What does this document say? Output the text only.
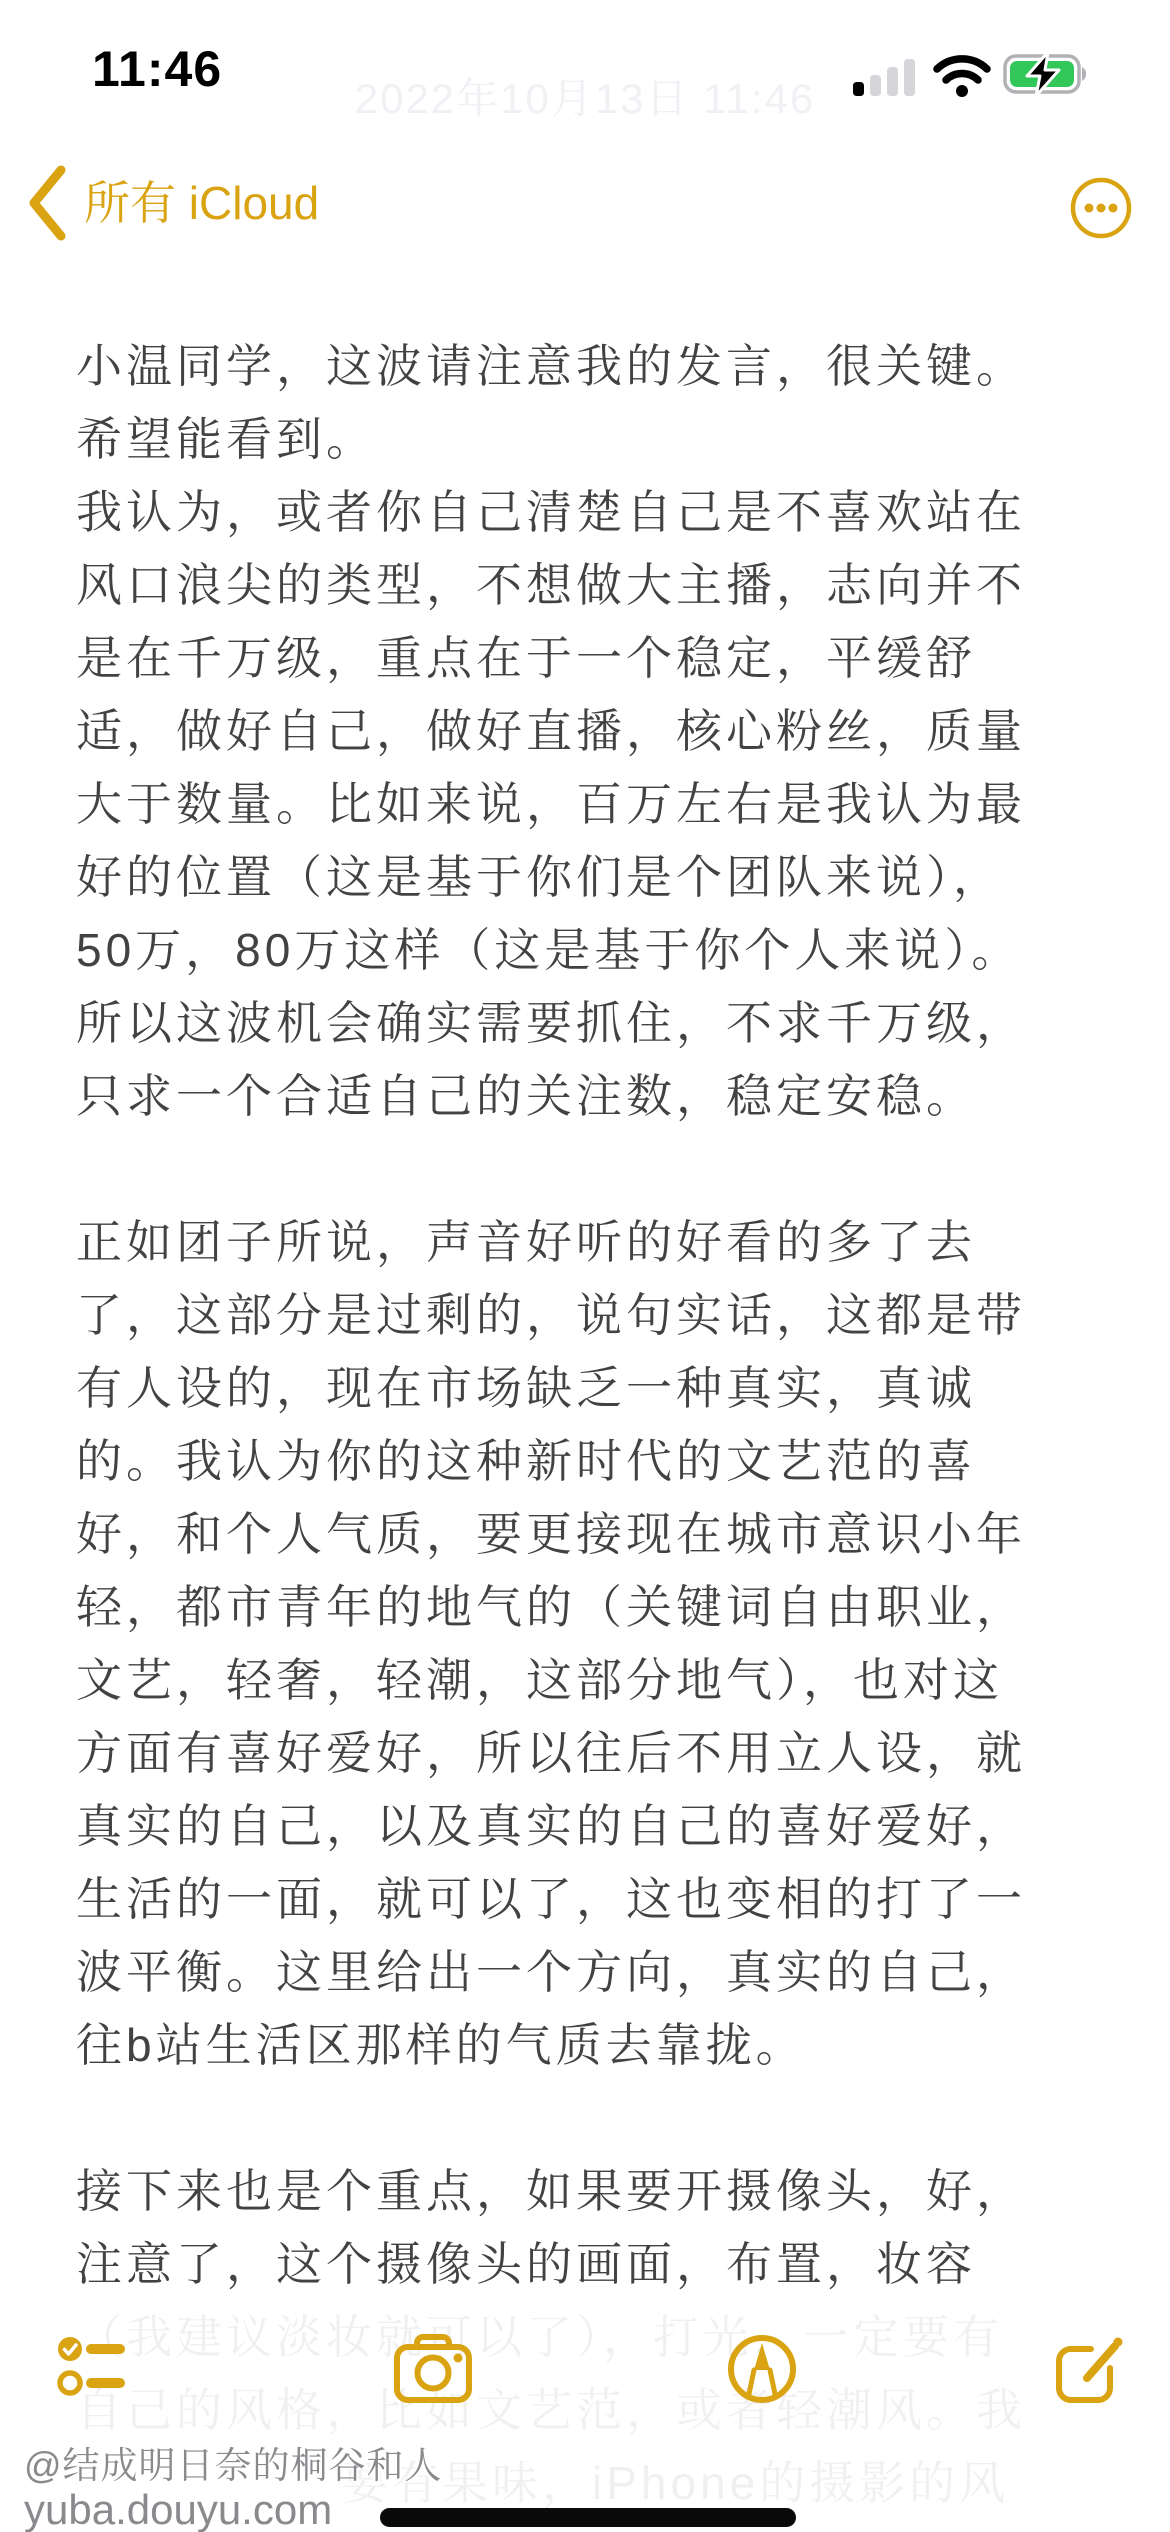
2022年10月13日 11:46
11:46
所有 iCloud
小温同学，这波请注意我的发言，很关键。
希望能看到。
我认为，或者你自己清楚自己是不喜欢站在
风口浪尖的类型，不想做大主播，志向并不
是在千万级，重点在于一个稳定，平缓舒
适，做好自己，做好直播，核心粉丝，质量
大于数量。比如来说，百万左右是我认为最
好的位置（这是基于你们是个团队来说），
50万，80万这样（这是基于你个人来说）。
所以这波机会确实需要抓住，不求千万级，
只求一个合适自己的关注数，稳定安稳。

正如团子所说，声音好听的好看的多了去
了，这部分是过剩的，说句实话，这都是带
有人设的，现在市场缺乏一种真实，真诚
的。我认为你的这种新时代的文艺范的喜
好，和个人气质，要更接现在城市意识小年
轻，都市青年的地气的（关键词自由职业，
文艺，轻奢，轻潮，这部分地气），也对这
方面有喜好爱好，所以往后不用立人设，就
真实的自己，以及真实的自己的喜好爱好，
生活的一面，就可以了，这也变相的打了一
波平衡。这里给出一个方向，真实的自己，
往b站生活区那样的气质去靠拢。

接下来也是个重点，如果要开摄像头，好，
注意了，这个摄像头的画面，布置，妆容
@结成明日奈的桐谷和人
yuba.douyu.com
